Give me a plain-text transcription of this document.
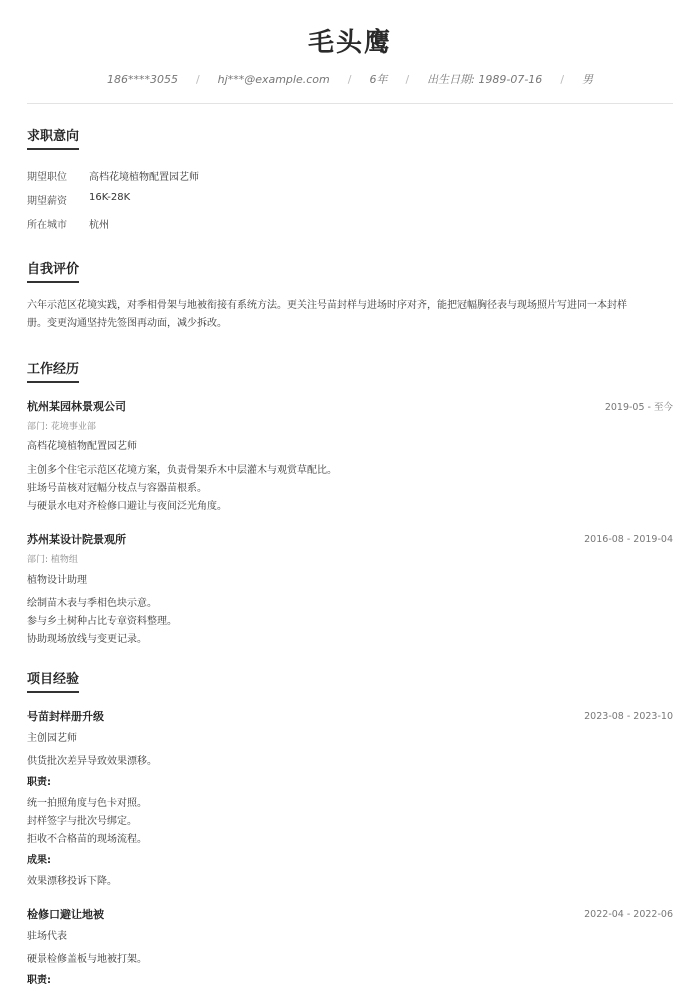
毛头鹰
186****3055 / hj***@example.com / 6年 / 出生日期: 1989-07-16 / 男
求职意向
期望职位	高档花境植物配置园艺师
期望薪资	16K-28K
所在城市	杭州
自我评价
六年示范区花境实践，对季相骨架与地被衔接有系统方法。更关注号苗封样与进场时序对齐，能把冠幅胸径表与现场照片写进同一本封样
册。变更沟通坚持先签图再动面，减少拆改。
工作经历
杭州某园林景观公司	2019-05 - 至今
部门: 花境事业部
高档花境植物配置园艺师
主创多个住宅示范区花境方案，负责骨架乔木中层灌木与观赏草配比。
驻场号苗核对冠幅分枝点与容器苗根系。
与硬景水电对齐检修口避让与夜间泛光角度。
苏州某设计院景观所	2016-08 - 2019-04
部门: 植物组
植物设计助理
绘制苗木表与季相色块示意。
参与乡土树种占比专章资料整理。
协助现场放线与变更记录。
项目经验
号苗封样册升级	2023-08 - 2023-10
主创园艺师
供货批次差异导致效果漂移。
职责:
统一拍照角度与色卡对照。
封样签字与批次号绑定。
拒收不合格苗的现场流程。
成果:
效果漂移投诉下降。
检修口避让地被	2022-04 - 2022-06
驻场代表
硬景检修盖板与地被打架。
职责:
